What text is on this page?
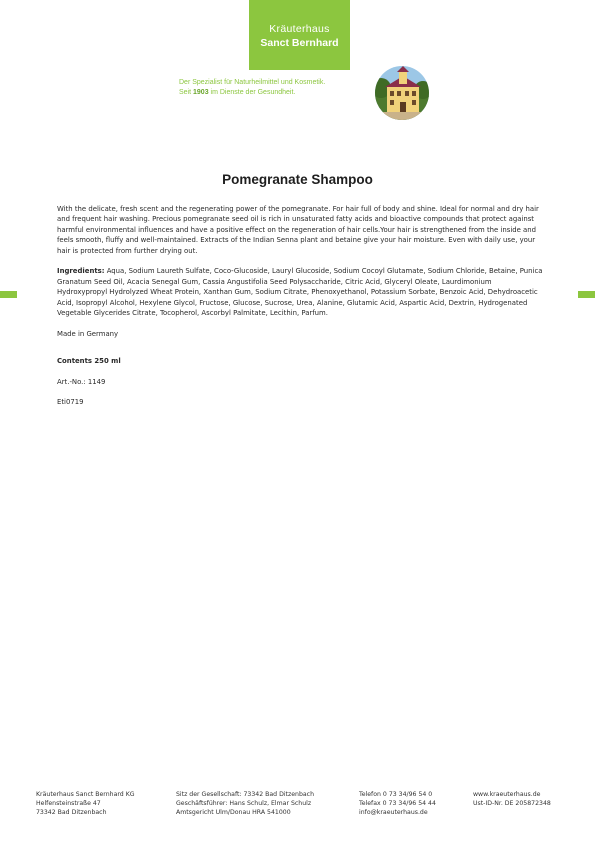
Kräuterhaus
Sanct Bernhard
Der Spezialist für Naturheilmittel und Kosmetik.
Seit 1903 im Dienste der Gesundheit.
Pomegranate Shampoo

With the delicate, fresh scent and the regenerating power of the pomegranate. For hair full of body and shine. Ideal for normal and dry hair and frequent hair washing. Precious pomegranate seed oil is rich in unsaturated fatty acids and bioactive compounds that protect against harmful environmental influences and have a positive effect on the regeneration of hair cells.Your hair is strengthened from the inside and feels smooth, fluffy and well-maintained. Extracts of the Indian Senna plant and betaine give your hair moisture. Even with daily use, your hair is protected from further drying out.

Ingredients: Aqua, Sodium Laureth Sulfate, Coco-Glucoside, Lauryl Glucoside, Sodium Cocoyl Glutamate, Sodium Chloride, Betaine, Punica Granatum Seed Oil, Acacia Senegal Gum, Cassia Angustifolia Seed Polysaccharide, Citric Acid, Glyceryl Oleate, Laurdimonium Hydroxypropyl Hydrolyzed Wheat Protein, Xanthan Gum, Sodium Citrate, Phenoxyethanol, Potassium Sorbate, Benzoic Acid, Dehydroacetic Acid, Isopropyl Alcohol, Hexylene Glycol, Fructose, Glucose, Sucrose, Urea, Alanine, Glutamic Acid, Aspartic Acid, Dextrin, Hydrogenated Vegetable Glycerides Citrate, Tocopherol, Ascorbyl Palmitate, Lecithin, Parfum.

Made in Germany

Contents 250 ml

Art.-No.: 1149

Eti0719

Kräuterhaus Sanct Bernhard KG
Helfensteinstraße 47
73342 Bad Ditzenbach
Sitz der Gesellschaft: 73342 Bad Ditzenbach
Geschäftsführer: Hans Schulz, Elmar Schulz
Amtsgericht Ulm/Donau HRA 541000
Telefon 0 73 34/96 54 0
Telefax 0 73 34/96 54 44
info@kraeuterhaus.de
www.kraeuterhaus.de
Ust-ID-Nr. DE 205872348
